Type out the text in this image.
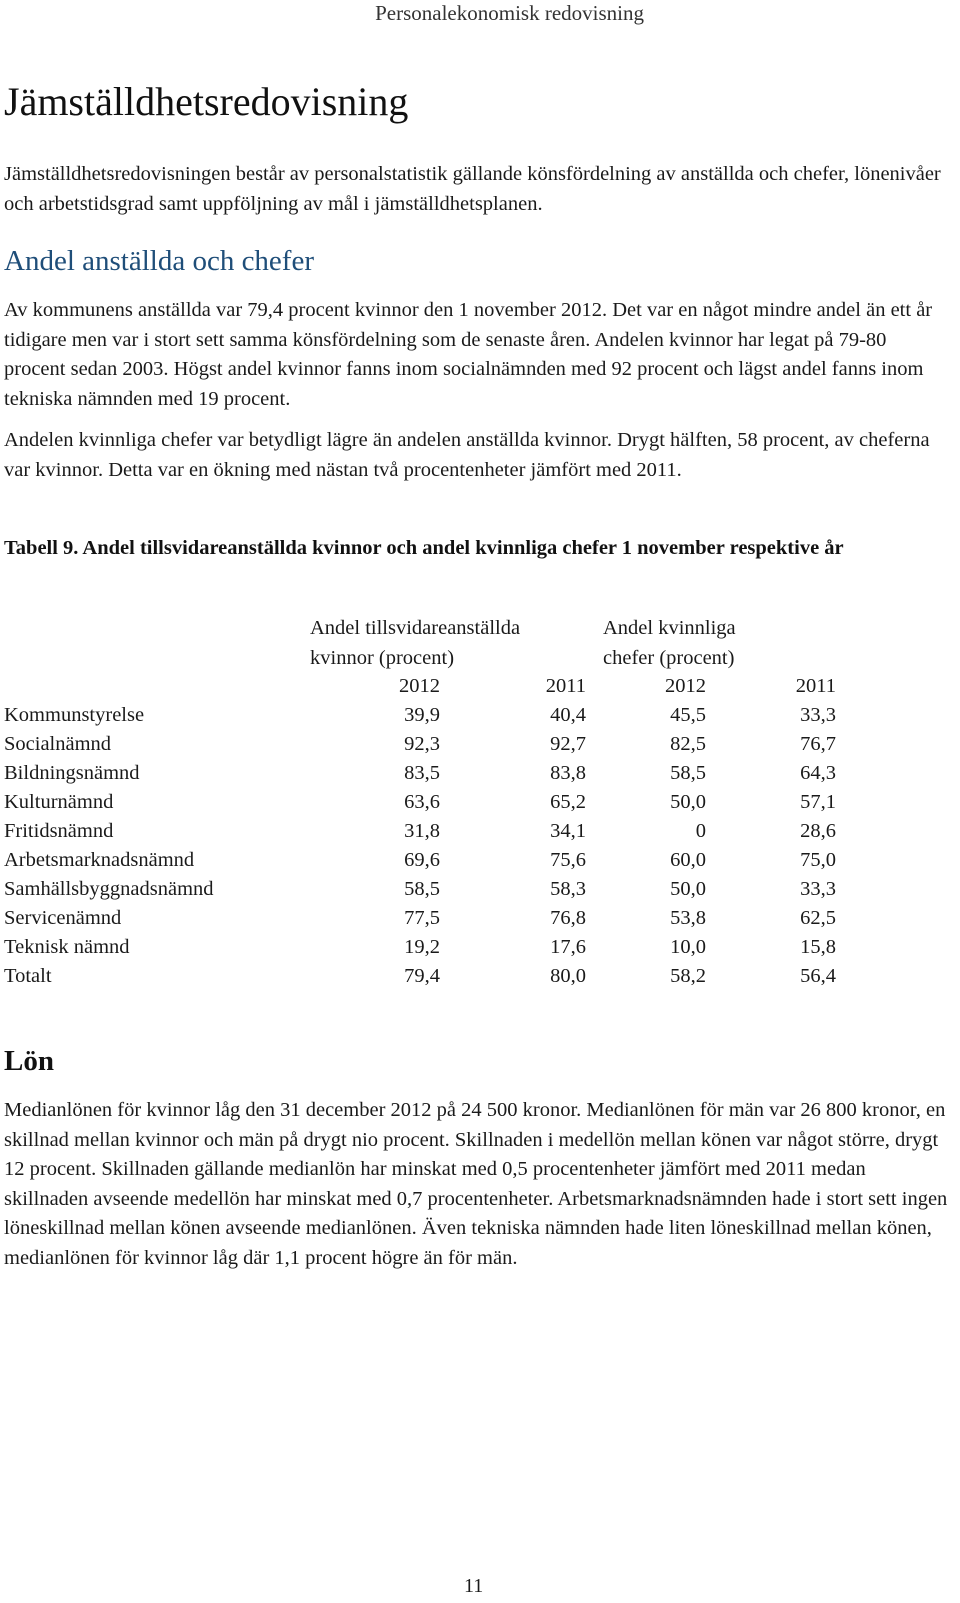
Personalekonomisk redovisning
Jämställdhetsredovisning

Jämställdhetsredovisningen består av personalstatistik gällande könsfördelning av anställda och chefer, lönenivåer och arbetstidsgrad samt uppföljning av mål i jämställdhetsplanen.

Andel anställda och chefer

Av kommunens anställda var 79,4 procent kvinnor den 1 november 2012. Det var en något mindre andel än ett år tidigare men var i stort sett samma könsfördelning som de senaste åren. Andelen kvinnor har legat på 79-80 procent sedan 2003. Högst andel kvinnor fanns inom socialnämnden med 92 procent och lägst andel fanns inom tekniska nämnden med 19 procent.

Andelen kvinnliga chefer var betydligt lägre än andelen anställda kvinnor. Drygt hälften, 58 procent, av cheferna var kvinnor. Detta var en ökning med nästan två procentenheter jämfört med 2011.

Tabell 9. Andel tillsvidareanställda kvinnor och andel kvinnliga chefer 1 november respektive år

Andel tillsvidareanställda
kvinnor (procent)
Andel kvinnliga
chefer (procent)
	2012	2011	2012	2011
Kommunstyrelse	39,9	40,4	45,5	33,3
Socialnämnd	92,3	92,7	82,5	76,7
Bildningsnämnd	83,5	83,8	58,5	64,3
Kulturnämnd	63,6	65,2	50,0	57,1
Fritidsnämnd	31,8	34,1	0	28,6
Arbetsmarknadsnämnd	69,6	75,6	60,0	75,0
Samhällsbyggnadsnämnd	58,5	58,3	50,0	33,3
Servicenämnd	77,5	76,8	53,8	62,5
Teknisk nämnd	19,2	17,6	10,0	15,8
Totalt	79,4	80,0	58,2	56,4
Lön

Medianlönen för kvinnor låg den 31 december 2012 på 24 500 kronor. Medianlönen för män var 26 800 kronor, en skillnad mellan kvinnor och män på drygt nio procent. Skillnaden i medellön mellan könen var något större, drygt 12 procent. Skillnaden gällande medianlön har minskat med 0,5 procentenheter jämfört med 2011 medan skillnaden avseende medellön har minskat med 0,7 procentenheter. Arbetsmarknadsnämnden hade i stort sett ingen löneskillnad mellan könen avseende medianlönen. Även tekniska nämnden hade liten löneskillnad mellan könen, medianlönen för kvinnor låg där 1,1 procent högre än för män.

11
